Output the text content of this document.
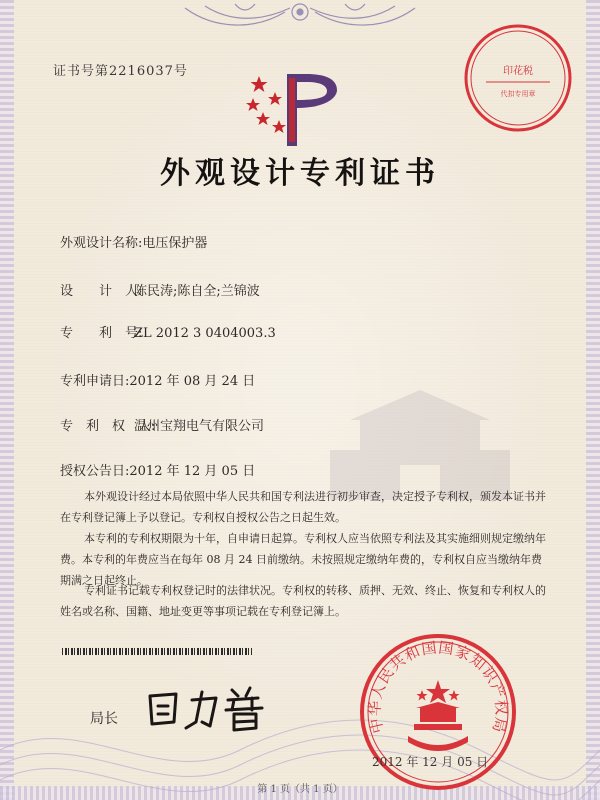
证书号第2216037号	印花税
代扣专用章
外观设计专利证书
外观设计名称:电压保护器
设　　计　人:陈民涛;陈自全;兰锦波
专　　利　号:ZL 2012 3 0404003.3
专利申请日:2012 年 08 月 24 日
专　利　权　人:温州宝翔电气有限公司
授权公告日:2012 年 12 月 05 日
本外观设计经过本局依照中华人民共和国专利法进行初步审查，决定授予专利权，颁发本证书并在专利登记簿上予以登记。专利权自授权公告之日起生效。
本专利的专利权期限为十年，自申请日起算。专利权人应当依照专利法及其实施细则规定缴纳年费。本专利的年费应当在每年 08 月 24 日前缴纳。未按照规定缴纳年费的，专利权自应当缴纳年费期满之日起终止。
专利证书记载专利权登记时的法律状况。专利权的转移、质押、无效、终止、恢复和专利权人的姓名或名称、国籍、地址变更等事项记载在专利登记簿上。
局长	中华人民共和国国家知识产权局
2012 年 12 月 05 日
第 1 页（共 1 页）
